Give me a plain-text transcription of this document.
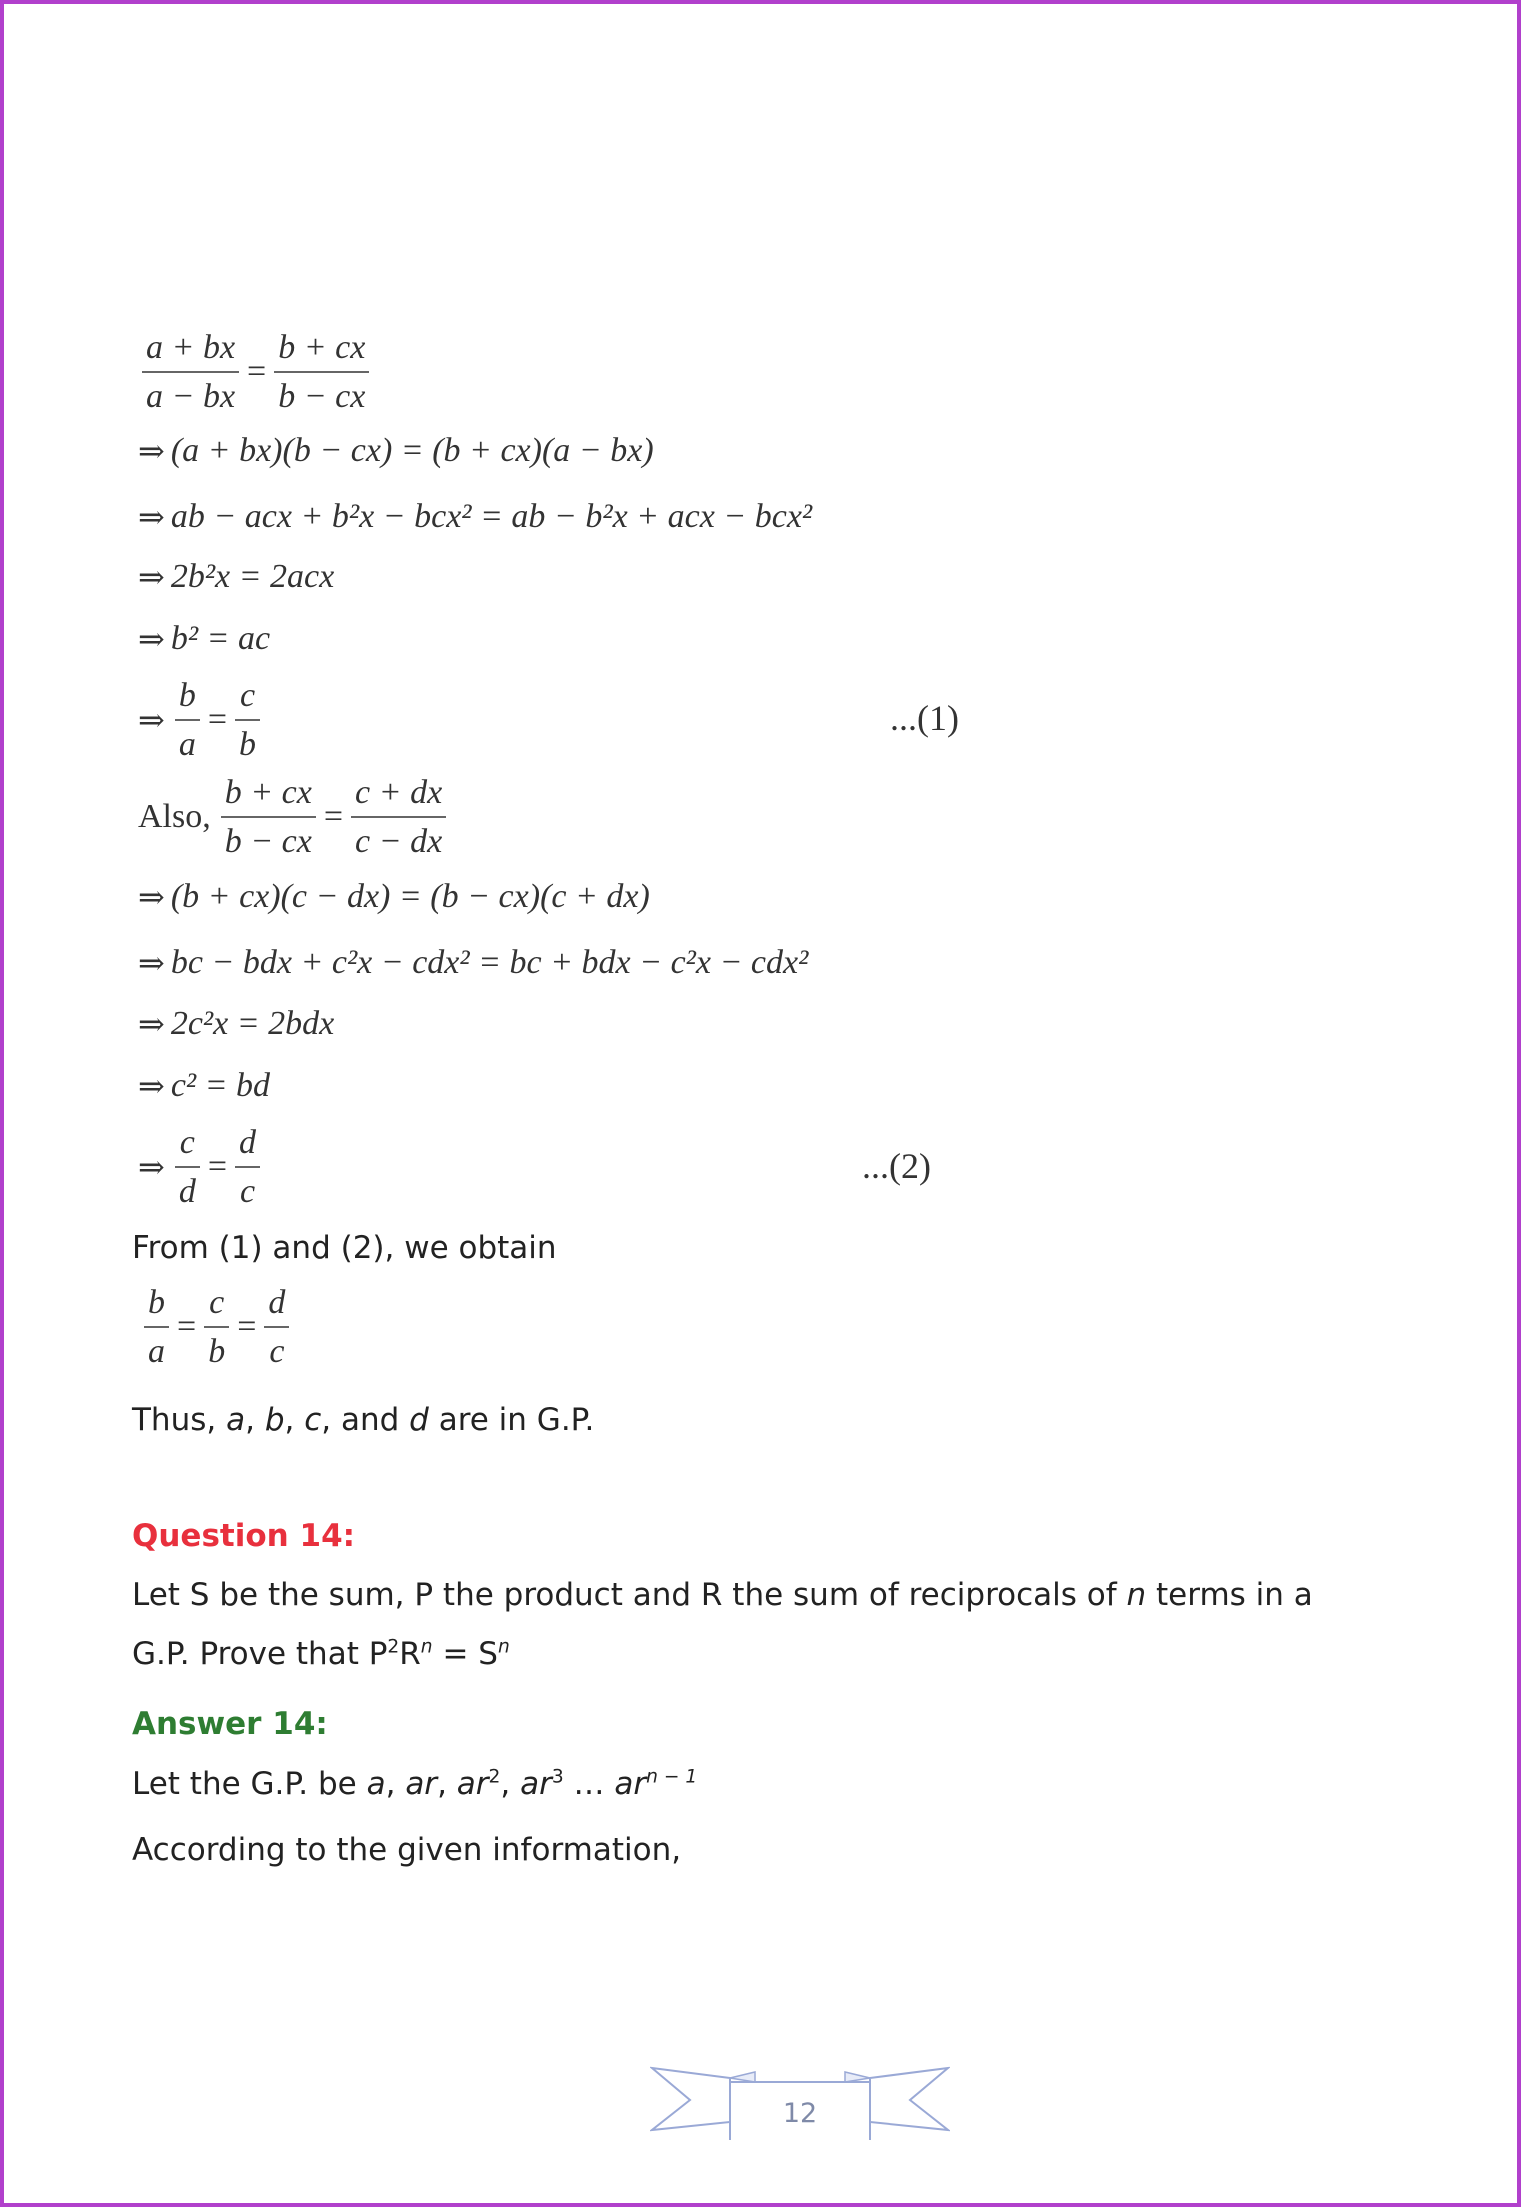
$\frac{a + bx}{a - bx} = \frac{b + cx}{b - cx}$
⇒ (a + bx)(b − cx) = (b + cx)(a − bx)
⇒ ab − acx + b²x − bcx² = ab − b²x + acx − bcx²
⇒ 2b²x = 2acx
⇒ b² = ac
⇒ $\frac{b}{a} = \frac{c}{b}$	...(1)
Also, $\frac{b + cx}{b - cx} = \frac{c + dx}{c - dx}$
⇒ (b + cx)(c − dx) = (b − cx)(c + dx)
⇒ bc − bdx + c²x − cdx² = bc + bdx − c²x − cdx²
⇒ 2c²x = 2bdx
⇒ c² = bd
⇒ $\frac{c}{d} = \frac{d}{c}$	...(2)
From (1) and (2), we obtain
$\frac{b}{a} = \frac{c}{b} = \frac{d}{c}$
Thus, a, b, c, and d are in G.P.
Question 14:
Let S be the sum, P the product and R the sum of reciprocals of n terms in a
G.P. Prove that $P^2R^n = S^n$
Answer 14:
Let the G.P. be a, ar, $ar^2$, $ar^3$ … $ar^{n - 1}$
According to the given information,
12
